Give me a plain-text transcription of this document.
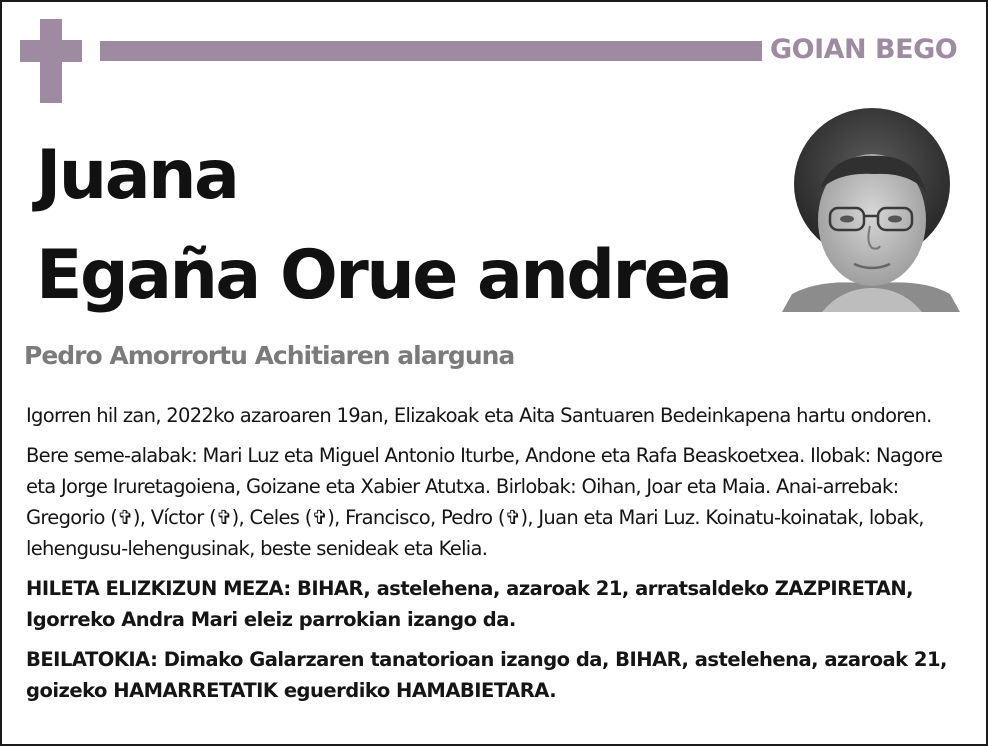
GOIAN BEGO
Juana
Egaña Orue andrea
Pedro Amorrortu Achitiaren alarguna

Igorren hil zan, 2022ko azaroaren 19an, Elizakoak eta Aita Santuaren Bedeinkapena hartu ondoren.

Bere seme-alabak: Mari Luz eta Miguel Antonio Iturbe, Andone eta Rafa Beaskoetxea. Ilobak: Nagore eta Jorge Iruretagoiena, Goizane eta Xabier Atutxa. Birlobak: Oihan, Joar eta Maia. Anai-arrebak: Gregorio (✞), Víctor (✞), Celes (✞), Francisco, Pedro (✞), Juan eta Mari Luz. Koinatu-koinatak, lobak, lehengusu-lehengusinak, beste senideak eta Kelia.

HILETA ELIZKIZUN MEZA: BIHAR, astelehena, azaroak 21, arratsaldeko ZAZPIRETAN, Igorreko Andra Mari eleiz parrokian izango da.

BEILATOKIA: Dimako Galarzaren tanatorioan izango da, BIHAR, astelehena, azaroak 21, goizeko HAMARRETATIK eguerdiko HAMABIETARA.
